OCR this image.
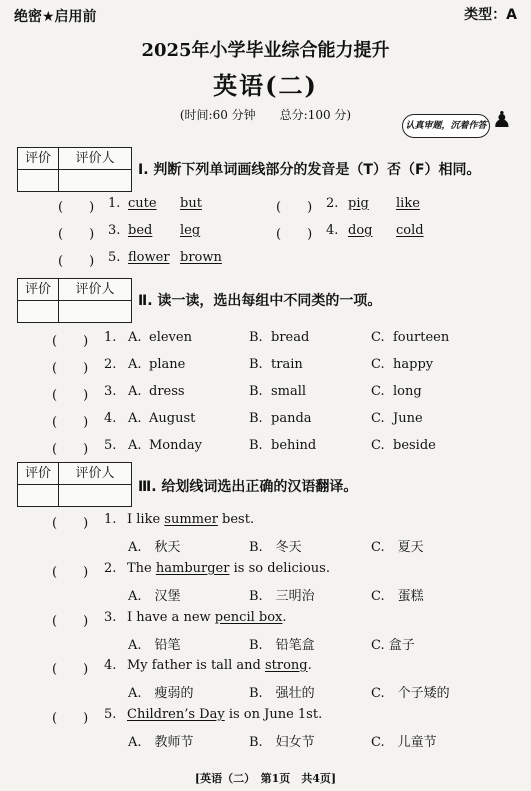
绝密★启用前	类型：A
2025年小学毕业综合能力提升
英语(二)
(时间:60 分钟　　总分:100 分)
认真审题，沉着作答 ♟
评价	评价人
Ⅰ. 判断下列单词画线部分的发音是（T）否（F）相同。
(　　) 1. cute but	(　　) 2. pig like
(　　) 3. bed leg	(　　) 4. dog cold
(　　) 5. flower brown
评价	评价人
Ⅱ. 读一读，选出每组中不同类的一项。
(　　) 1. A. eleven	B. bread	C. fourteen
(　　) 2. A. plane	B. train	C. happy
(　　) 3. A. dress	B. small	C. long
(　　) 4. A. August	B. panda	C. June
(　　) 5. A. Monday	B. behind	C. beside
评价	评价人
Ⅲ. 给划线词选出正确的汉语翻译。
(　　) 1. I like summer best.
A.　秋天	B.　冬天	C.　夏天
(　　) 2. The hamburger is so delicious.
A.　汉堡	B.　三明治	C.　蛋糕
(　　) 3. I have a new pencil box.
A.　铅笔	B.　铅笔盒	C. 盒子
(　　) 4. My father is tall and strong.
A.　瘦弱的	B.　强壮的	C.　个子矮的
(　　) 5. Children’s Day is on June 1st.
A.　教师节	B.　妇女节	C.　儿童节
[英语（二）　第1页　共4页]
